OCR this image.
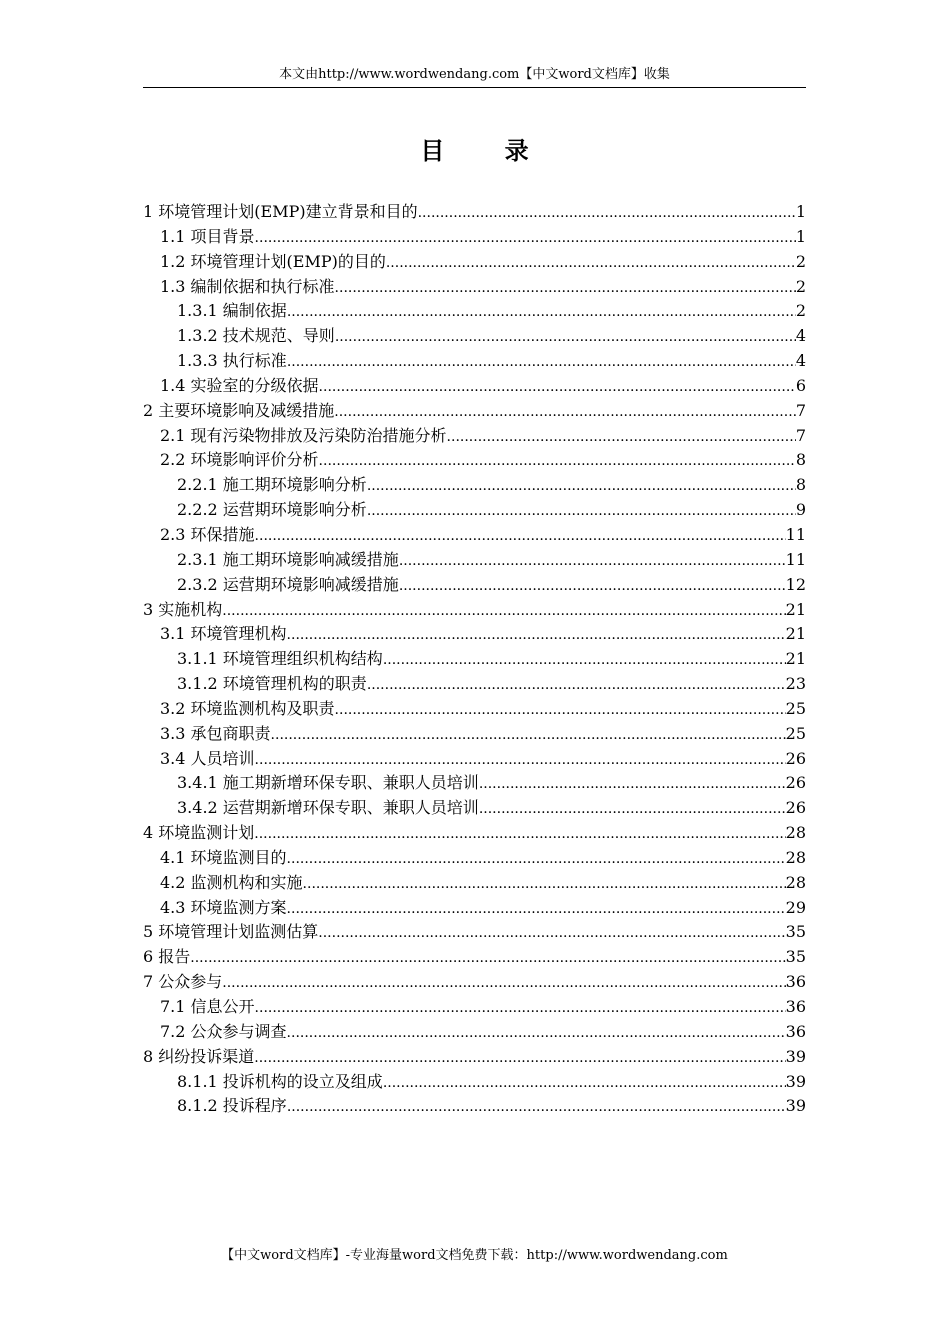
本文由http://www.wordwendang.com【中文word文档库】收集
目 录
1 环境管理计划(EMP)建立背景和目的 .....	1
1.1 项目背景 .....	1
1.2 环境管理计划(EMP)的目的 .....	2
1.3 编制依据和执行标准 .....	2
1.3.1 编制依据 .....	2
1.3.2 技术规范、导则 .....	4
1.3.3 执行标准 .....	4
1.4 实验室的分级依据 .....	6
2 主要环境影响及减缓措施 .....	7
2.1 现有污染物排放及污染防治措施分析 .....	7
2.2 环境影响评价分析 .....	8
2.2.1 施工期环境影响分析 .....	8
2.2.2 运营期环境影响分析 .....	9
2.3 环保措施 .....	11
2.3.1 施工期环境影响减缓措施 .....	11
2.3.2 运营期环境影响减缓措施 .....	12
3 实施机构 .....	21
3.1 环境管理机构 .....	21
3.1.1 环境管理组织机构结构 .....	21
3.1.2 环境管理机构的职责 .....	23
3.2 环境监测机构及职责 .....	25
3.3 承包商职责 .....	25
3.4 人员培训 .....	26
3.4.1 施工期新增环保专职、兼职人员培训 .....	26
3.4.2 运营期新增环保专职、兼职人员培训 .....	26
4 环境监测计划 .....	28
4.1 环境监测目的 .....	28
4.2 监测机构和实施 .....	28
4.3 环境监测方案 .....	29
5 环境管理计划监测估算 .....	35
6 报告 .....	35
7 公众参与 .....	36
7.1 信息公开 .....	36
7.2 公众参与调查 .....	36
8 纠纷投诉渠道 .....	39
8.1.1 投诉机构的设立及组成 .....	39
8.1.2 投诉程序 .....	39
【中文word文档库】-专业海量word文档免费下载：http://www.wordwendang.com
